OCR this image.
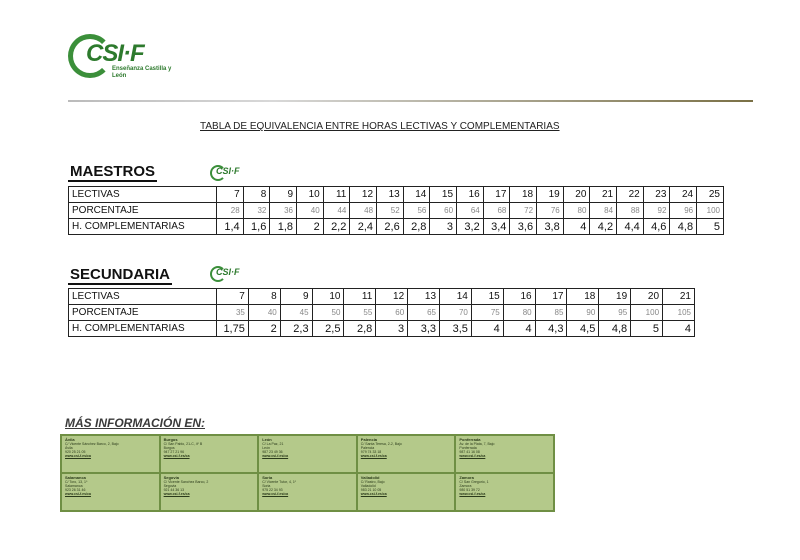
CSI·F
Enseñanza Castilla y León
TABLA DE EQUIVALENCIA ENTRE HORAS LECTIVAS Y COMPLEMENTARIAS
MAESTROS	CSI·F
LECTIVAS	7	8	9	10	11	12	13	14	15	16	17	18	19	20	21	22	23	24	25
PORCENTAJE	28	32	36	40	44	48	52	56	60	64	68	72	76	80	84	88	92	96	100
H. COMPLEMENTARIAS	1,4	1,6	1,8	2	2,2	2,4	2,6	2,8	3	3,2	3,4	3,6	3,8	4	4,2	4,4	4,6	4,8	5
SECUNDARIA	CSI·F
LECTIVAS	7	8	9	10	11	12	13	14	15	16	17	18	19	20	21
PORCENTAJE	35	40	45	50	55	60	65	70	75	80	85	90	95	100	105
H. COMPLEMENTARIAS	1,75	2	2,3	2,5	2,8	3	3,3	3,5	4	4	4,3	4,5	4,8	5	4
MÁS INFORMACIÓN EN:
Ávila
C/ Vicente Sánchez Barco, 2, Bajo
Ávila
920 25 21 05
www.csi-f.es/ca
Burgos
C/ San Pablo, 21-C, 4º B
Burgos
947 27 21 96
www.csi-f.es/ca
León
C/ La Paz, 21
León
987 23 49 36
www.csi-f.es/ca
Palencia
C/ Santa Teresa, 2-2, Bajo
Palencia
979 74 33 18
www.csi-f.es/ca
Ponferrada
Av. de la Plata, 7, Bajo
Ponferrada
987 41 16 08
www.csi-f.es/ca
Salamanca
C/ Toro, 13, 1º
Salamanca
923 26 31 46
www.csi-f.es/ca
Segovia
C/ Vicente Sanchez Barco, 2
Segovia
921 44 36 13
www.csi-f.es/ca
Soria
C/ Vicente Tutor, 4, 1º
Soria
975 22 34 93
www.csi-f.es/ca
Valladolid
C/ Rastro, Bajo
Valladolid
983 21 10 05
www.csi-f.es/ca
Zamora
C/ San Gregorio, 1
Zamora
980 51 39 72
www.csi-f.es/ca
